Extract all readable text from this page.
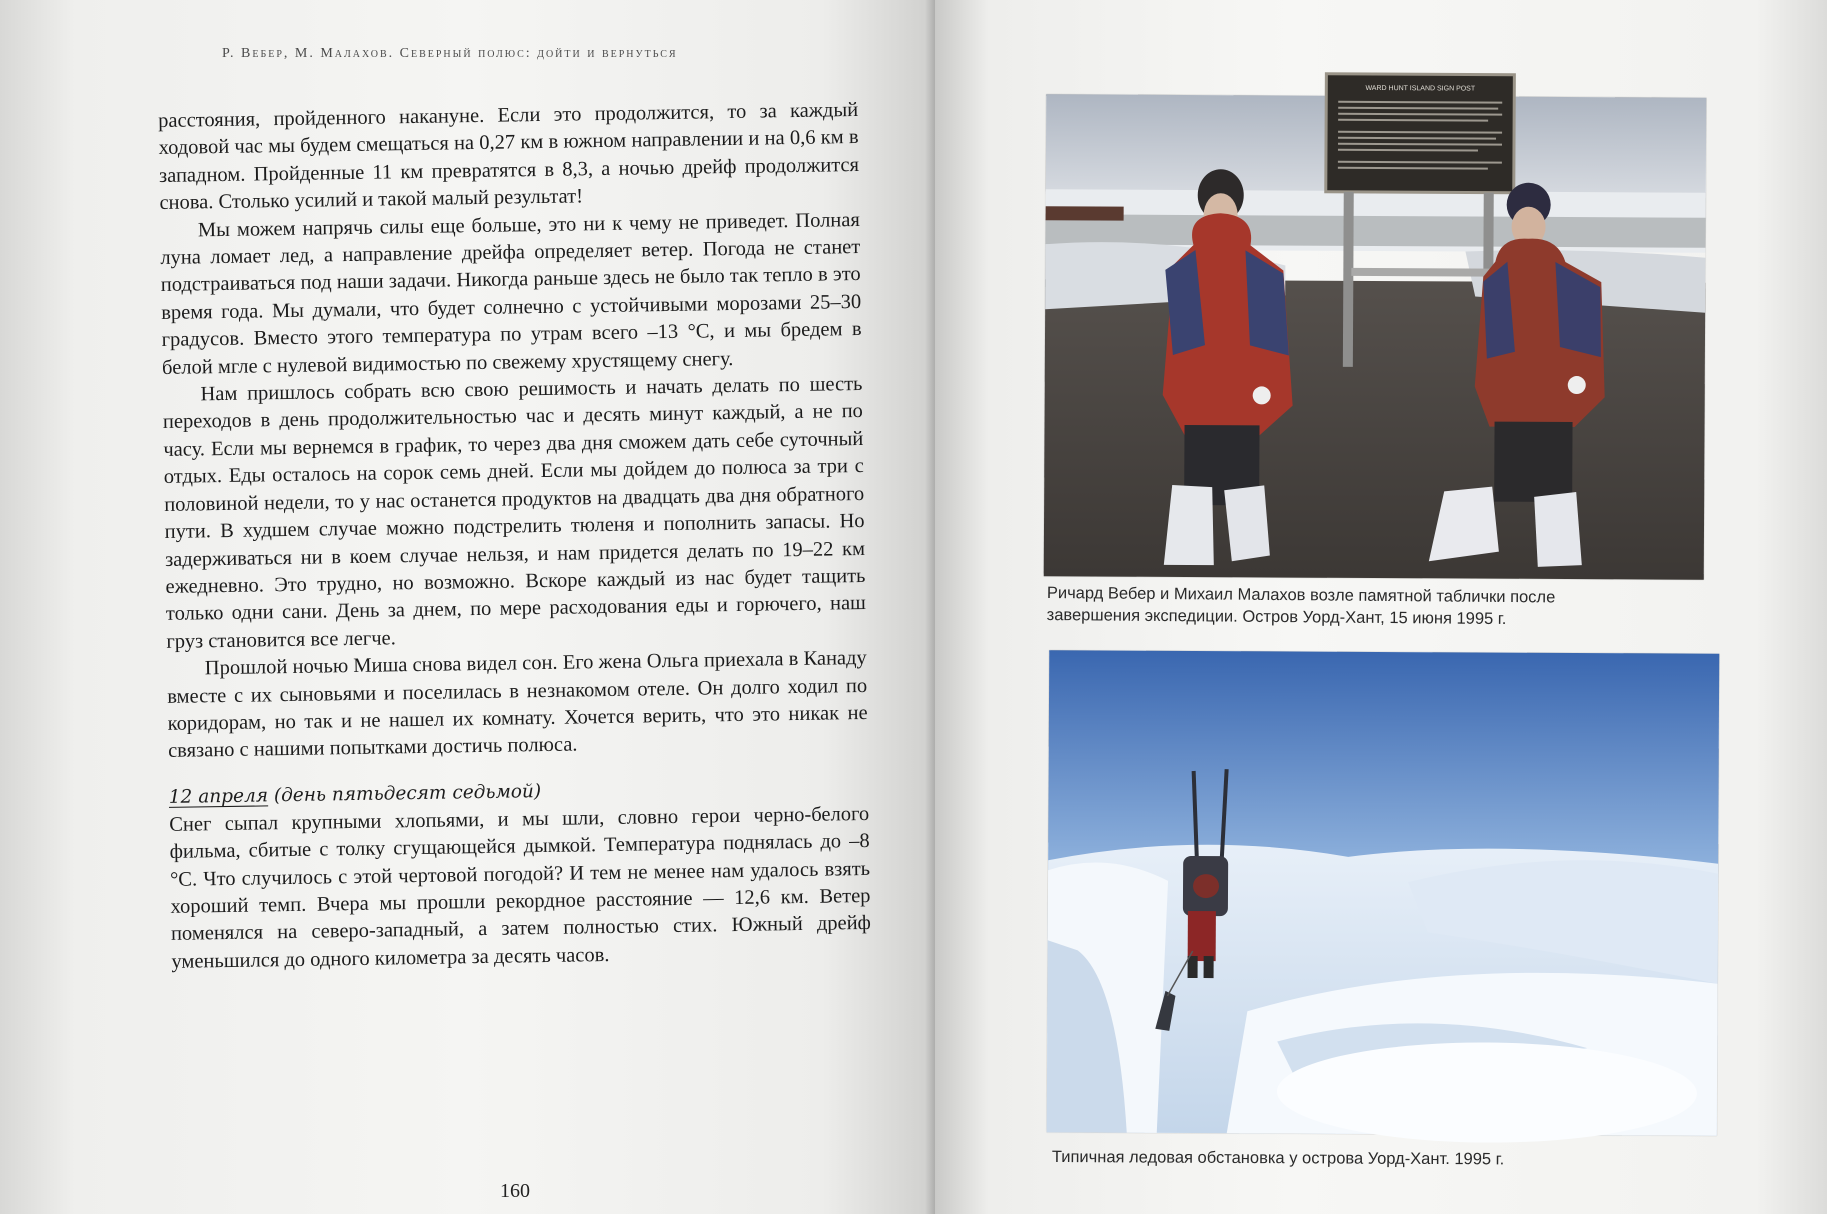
Р. Вебер, М. Малахов. Северный полюс: дойти и вернуться

расстояния, пройденного накануне. Если это продолжится, то за каждый ходовой час мы будем смещаться на 0,27 км в южном направлении и на 0,6 км в западном. Пройденные 11 км превратятся в 8,3, а ночью дрейф продолжится снова. Столько усилий и такой малый результат!

Мы можем напрячь силы еще больше, это ни к чему не приведет. Полная луна ломает лед, а направление дрейфа определяет ветер. Погода не станет подстраиваться под наши задачи. Никогда раньше здесь не было так тепло в это время года. Мы думали, что будет солнечно с устойчивыми морозами 25–30 градусов. Вместо этого температура по утрам всего –13 °С, и мы бредем в белой мгле с нулевой видимостью по свежему хрустящему снегу.

Нам пришлось собрать всю свою решимость и начать делать по шесть переходов в день продолжительностью час и десять минут каждый, а не по часу. Если мы вернемся в график, то через два дня сможем дать себе суточный отдых. Еды осталось на сорок семь дней. Если мы дойдем до полюса за три с половиной недели, то у нас останется продуктов на двадцать два дня обратного пути. В худшем случае можно подстрелить тюленя и пополнить запасы. Но задерживаться ни в коем случае нельзя, и нам придется делать по 19–22 км ежедневно. Это трудно, но возможно. Вскоре каждый из нас будет тащить только одни сани. День за днем, по мере расходования еды и горючего, наш груз становится все легче.

Прошлой ночью Миша снова видел сон. Его жена Ольга приехала в Канаду вместе с их сыновьями и поселилась в незнакомом отеле. Он долго ходил по коридорам, но так и не нашел их комнату. Хочется верить, что это никак не связано с нашими попытками достичь полюса.

12 апреля (день пятьдесят седьмой)

Снег сыпал крупными хлопьями, и мы шли, словно герои черно-белого фильма, сбитые с толку сгущающейся дымкой. Температура поднялась до –8 °С. Что случилось с этой чертовой погодой? И тем не менее нам удалось взять хороший темп. Вчера мы прошли рекордное расстояние — 12,6 км. Ветер поменялся на северо-западный, а затем полностью стих. Южный дрейф уменьшился до одного километра за десять часов.

160
WARD HUNT ISLAND SIGN POST
Ричард Вебер и Михаил Малахов возле памятной таблички после завершения экспедиции. Остров Уорд-Хант, 15 июня 1995 г.
Типичная ледовая обстановка у острова Уорд-Хант. 1995 г.
